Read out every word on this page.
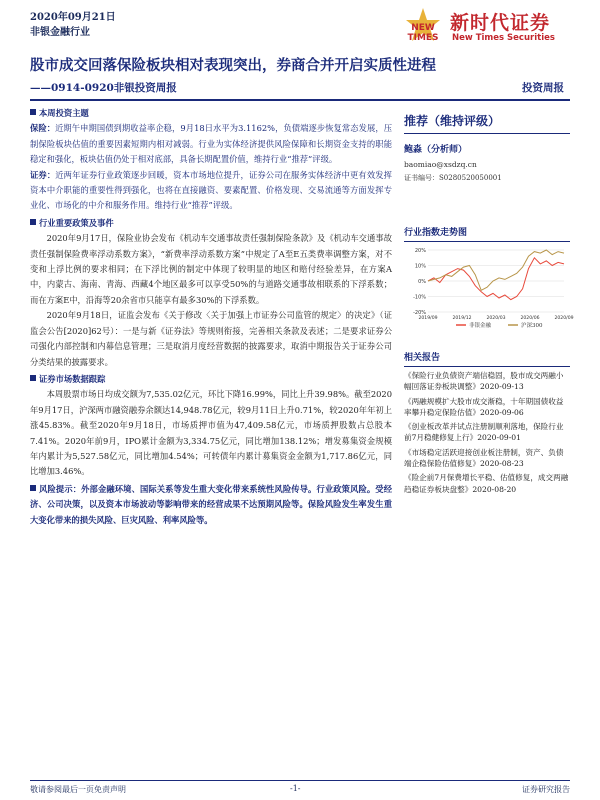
2020年09月21日
非银金融行业	NEW
TIMES
新时代证券
New Times Securities
股市成交回落保险板块相对表现突出，券商合并开启实质性进程
——0914-0920非银投资周报	投资周报
本周投资主题

保险：近期午申期国债到期收益率企稳，9月18日水平为3.1162%，负债端逐步恢复常态发展，压制保险板块估值的重要因素短期内相对减弱。行业为实体经济提供风险保障和长期资金支持的职能稳定和强化，板块估值仍处于相对底部，具备长期配置价值，维持行业“推荐”评级。

证券：近两年证券行业政策逐步回暖，资本市场地位提升，证券公司在服务实体经济中更有效发挥资本中介职能的重要性得到强化，也将在直接融资、要素配置、价格发现、交易流通等方面发挥专业化、市场化的中介和服务作用。维持行业“推荐”评级。

行业重要政策及事件

2020年9月17日，保险业协会发布《机动车交通事故责任强制保险条款》及《机动车交通事故责任强制保险费率浮动系数方案》，“新费率浮动系数方案”中规定了A至E五类费率调整方案，对不变和上浮比例的要求相同；在下浮比例的制定中体现了较明显的地区和赔付经验差异，在方案A中，内蒙古、海南、青海、西藏4个地区最多可以享受50%的与道路交通事故相联系的下浮系数；而在方案E中，沿海等20余省市只能享有最多30%的下浮系数。

2020年9月18日，证监会发布《关于修改〈关于加强上市证券公司监管的规定〉的决定》（证监会公告[2020]62号）：一是与新《证券法》等规则衔接，完善相关条款及表述；二是要求证券公司强化内部控制和内幕信息管理；三是取消月度经营数据的披露要求，取消中期报告关于证券公司分类结果的披露要求。

证券市场数据跟踪

本周股票市场日均成交额为7,535.02亿元，环比下降16.99%，同比上升39.98%。截至2020年9月17日，沪深两市融资融券余额达14,948.78亿元，较9月11日上升0.71%，较2020年年初上涨45.83%。截至2020年9月18日，市场质押市值为47,409.58亿元，市场质押股数占总股本7.41%。2020年前9月，IPO累计金额为3,334.75亿元，同比增加138.12%；增发募集资金规模年内累计为5,527.58亿元，同比增加4.54%；可转债年内累计募集资金金额为1,717.86亿元，同比增加3.46%。

风险提示：外部金融环境、国际关系等发生重大变化带来系统性风险传导。行业政策风险。受经济、公司决策，以及资本市场波动等影响带来的经营成果不达预期风险等。保险风险发生率发生重大变化带来的损失风险、巨灾风险、利率风险等。

推荐（维持评级）
鲍淼（分析师）
baomiao@xsdzq.cn
证书编号：S0280520050001
行业指数走势图
20%
10%
0%
-10%
-20%
2019/09	2019/12	2020/03	2020/06	2020/09
非银金融	沪深300
相关报告
《保险行业负债资产端信稳固，股市成交两融小幅回落证券板块调整》2020-09-13
《两融规模扩大股市成交渐稳，十年期国债收益率攀升稳定保险估值》2020-09-06
《创业板改革并试点注册制顺利落地，保险行业前7月稳健修复上行》2020-09-01
《市场稳定活跃迎接创业板注册制，资产、负债端企稳保险估值修复》2020-08-23
《险企前7月保费增长平稳、估值修复，成交两融趋稳证券板块盘整》2020-08-20
敬请参阅最后一页免责声明	-1-	证券研究报告
